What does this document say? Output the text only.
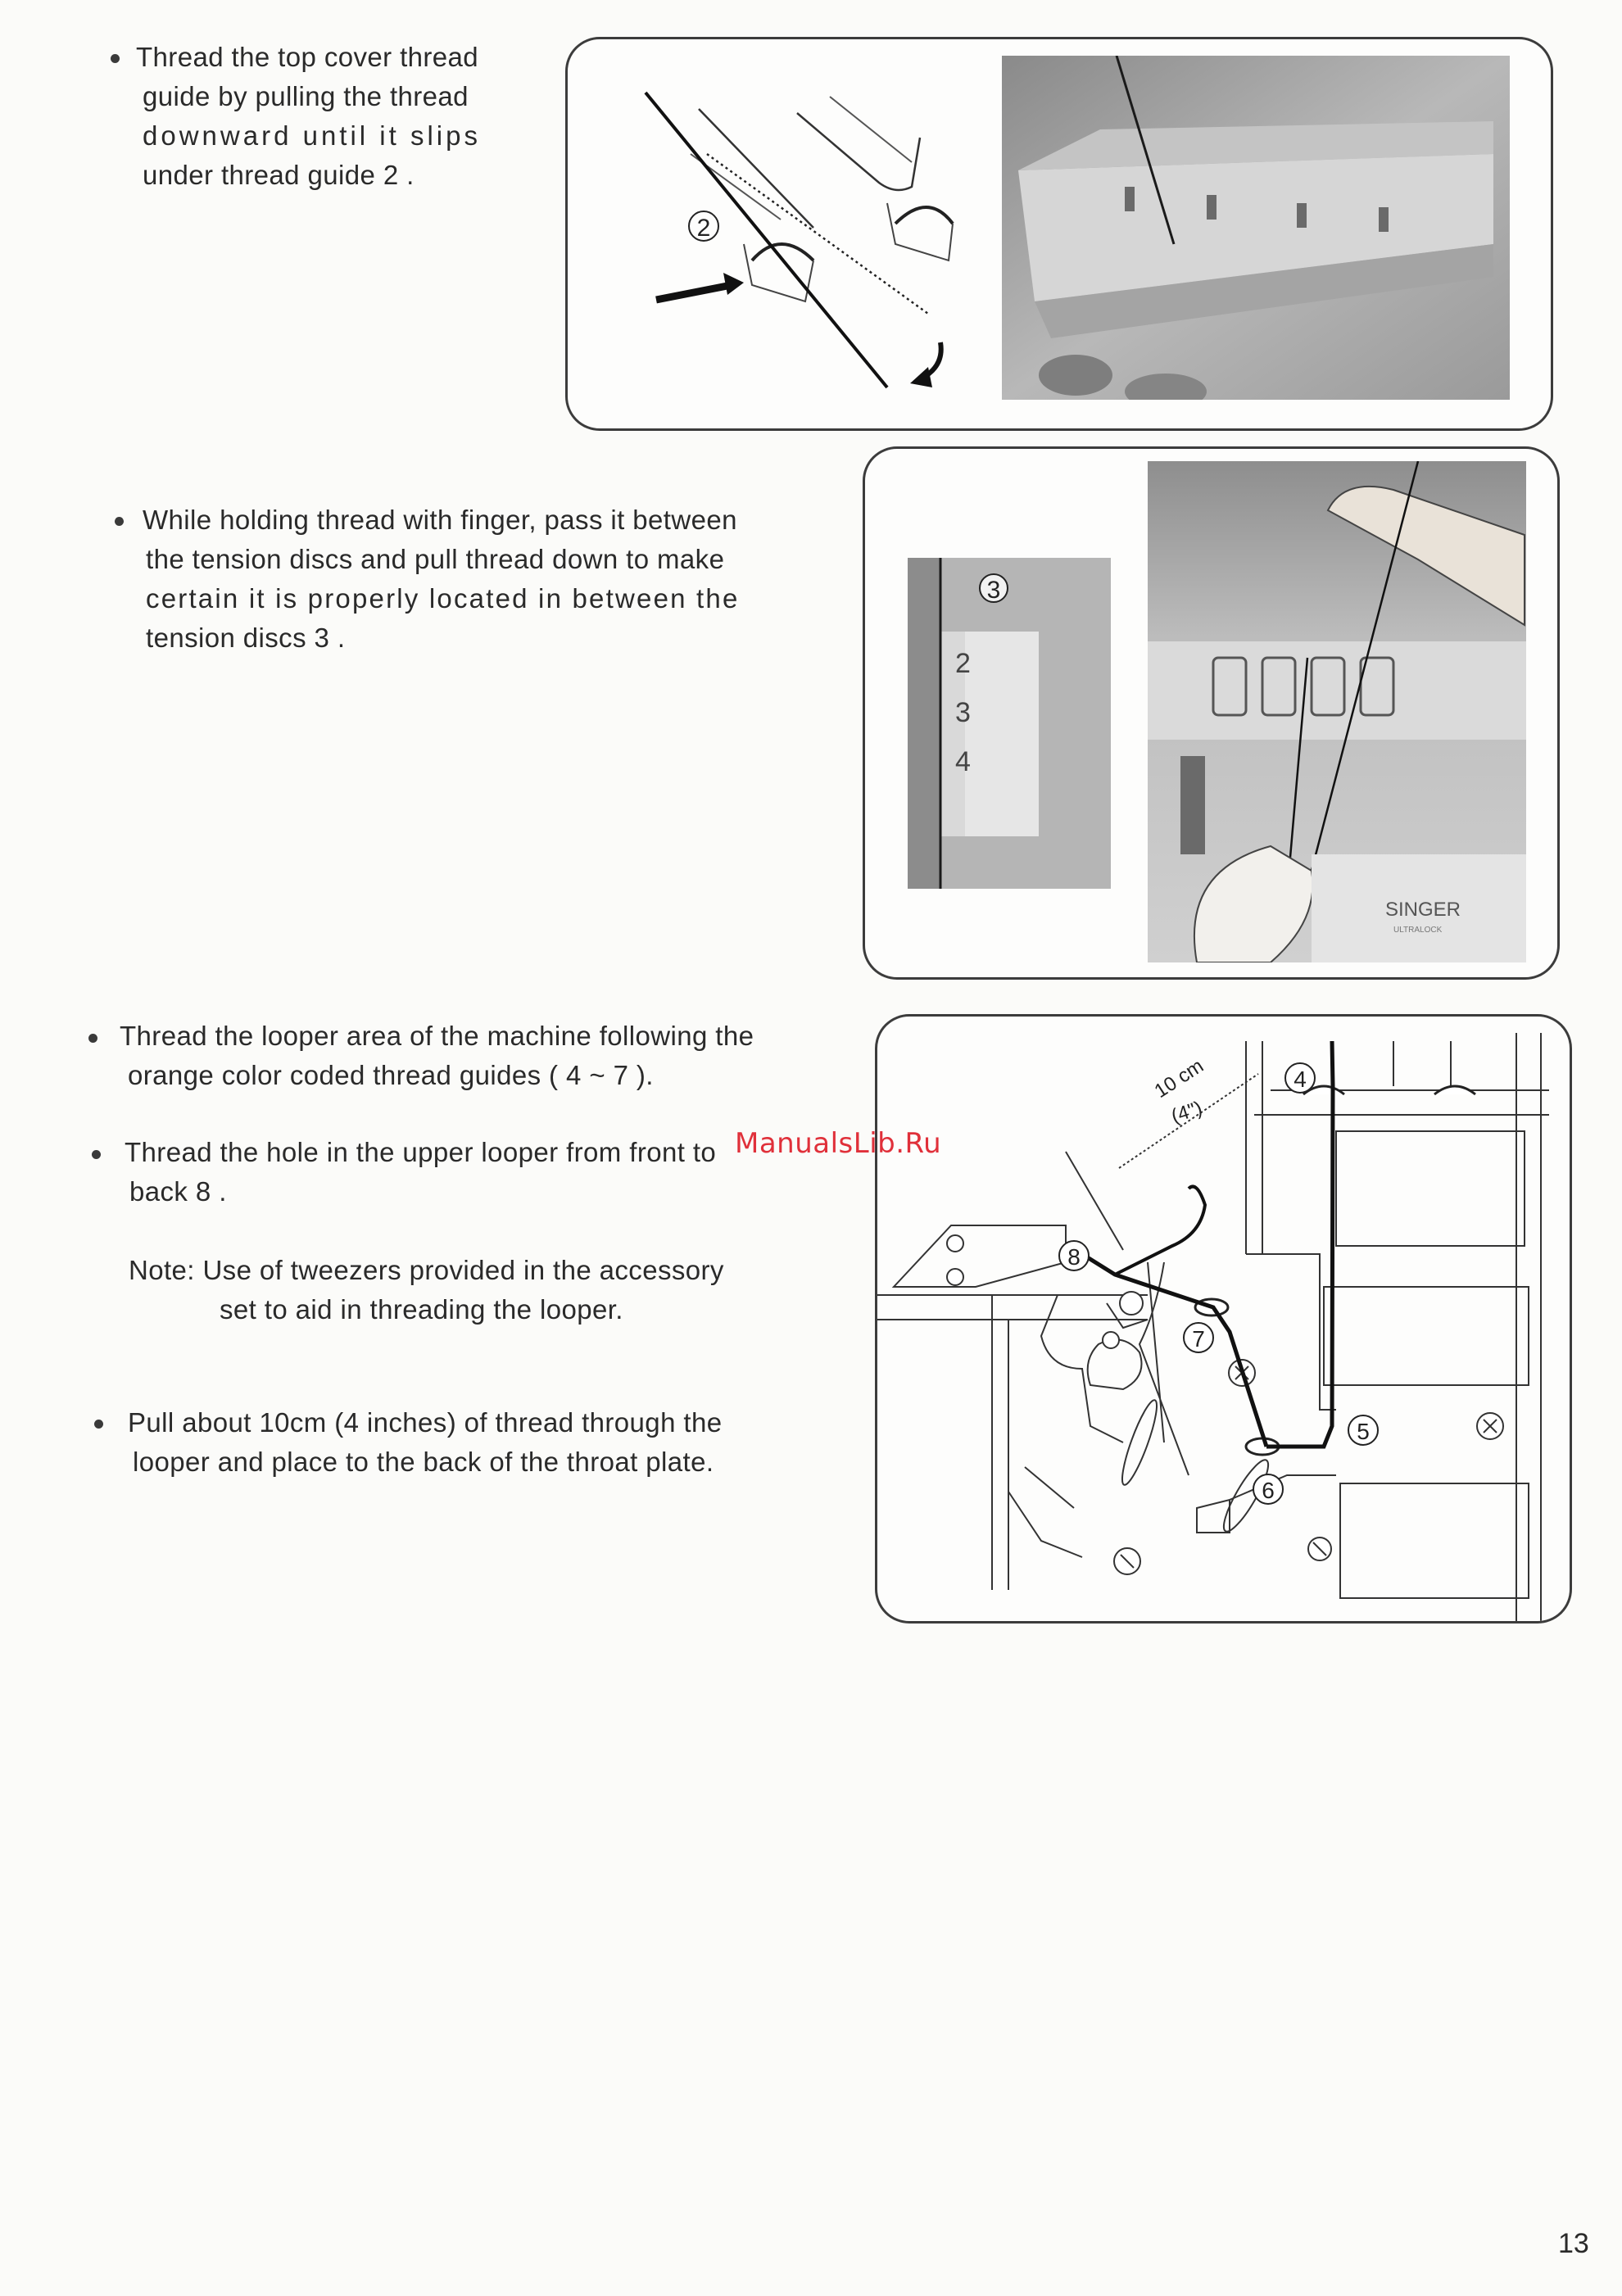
Thread the top cover thread
guide by pulling the thread
downward until it slips
under thread guide 2 .
2
While holding thread with finger, pass it between
the tension discs and pull thread down to make
certain it is properly located in between the
tension discs 3 .
2
3
4
3
SINGER
ULTRALOCK
Thread the looper area of the machine following the
orange color coded thread guides ( 4 ~ 7 ).
Thread the hole in the upper looper from front to
back 8 .
Note: Use of tweezers provided in the accessory
set to aid in threading the looper.
Pull about 10cm (4 inches) of thread through the
looper and place to the back of the throat plate.
10 cm
(4")
4
5
6
7
8
ManualsLib.Ru
13
